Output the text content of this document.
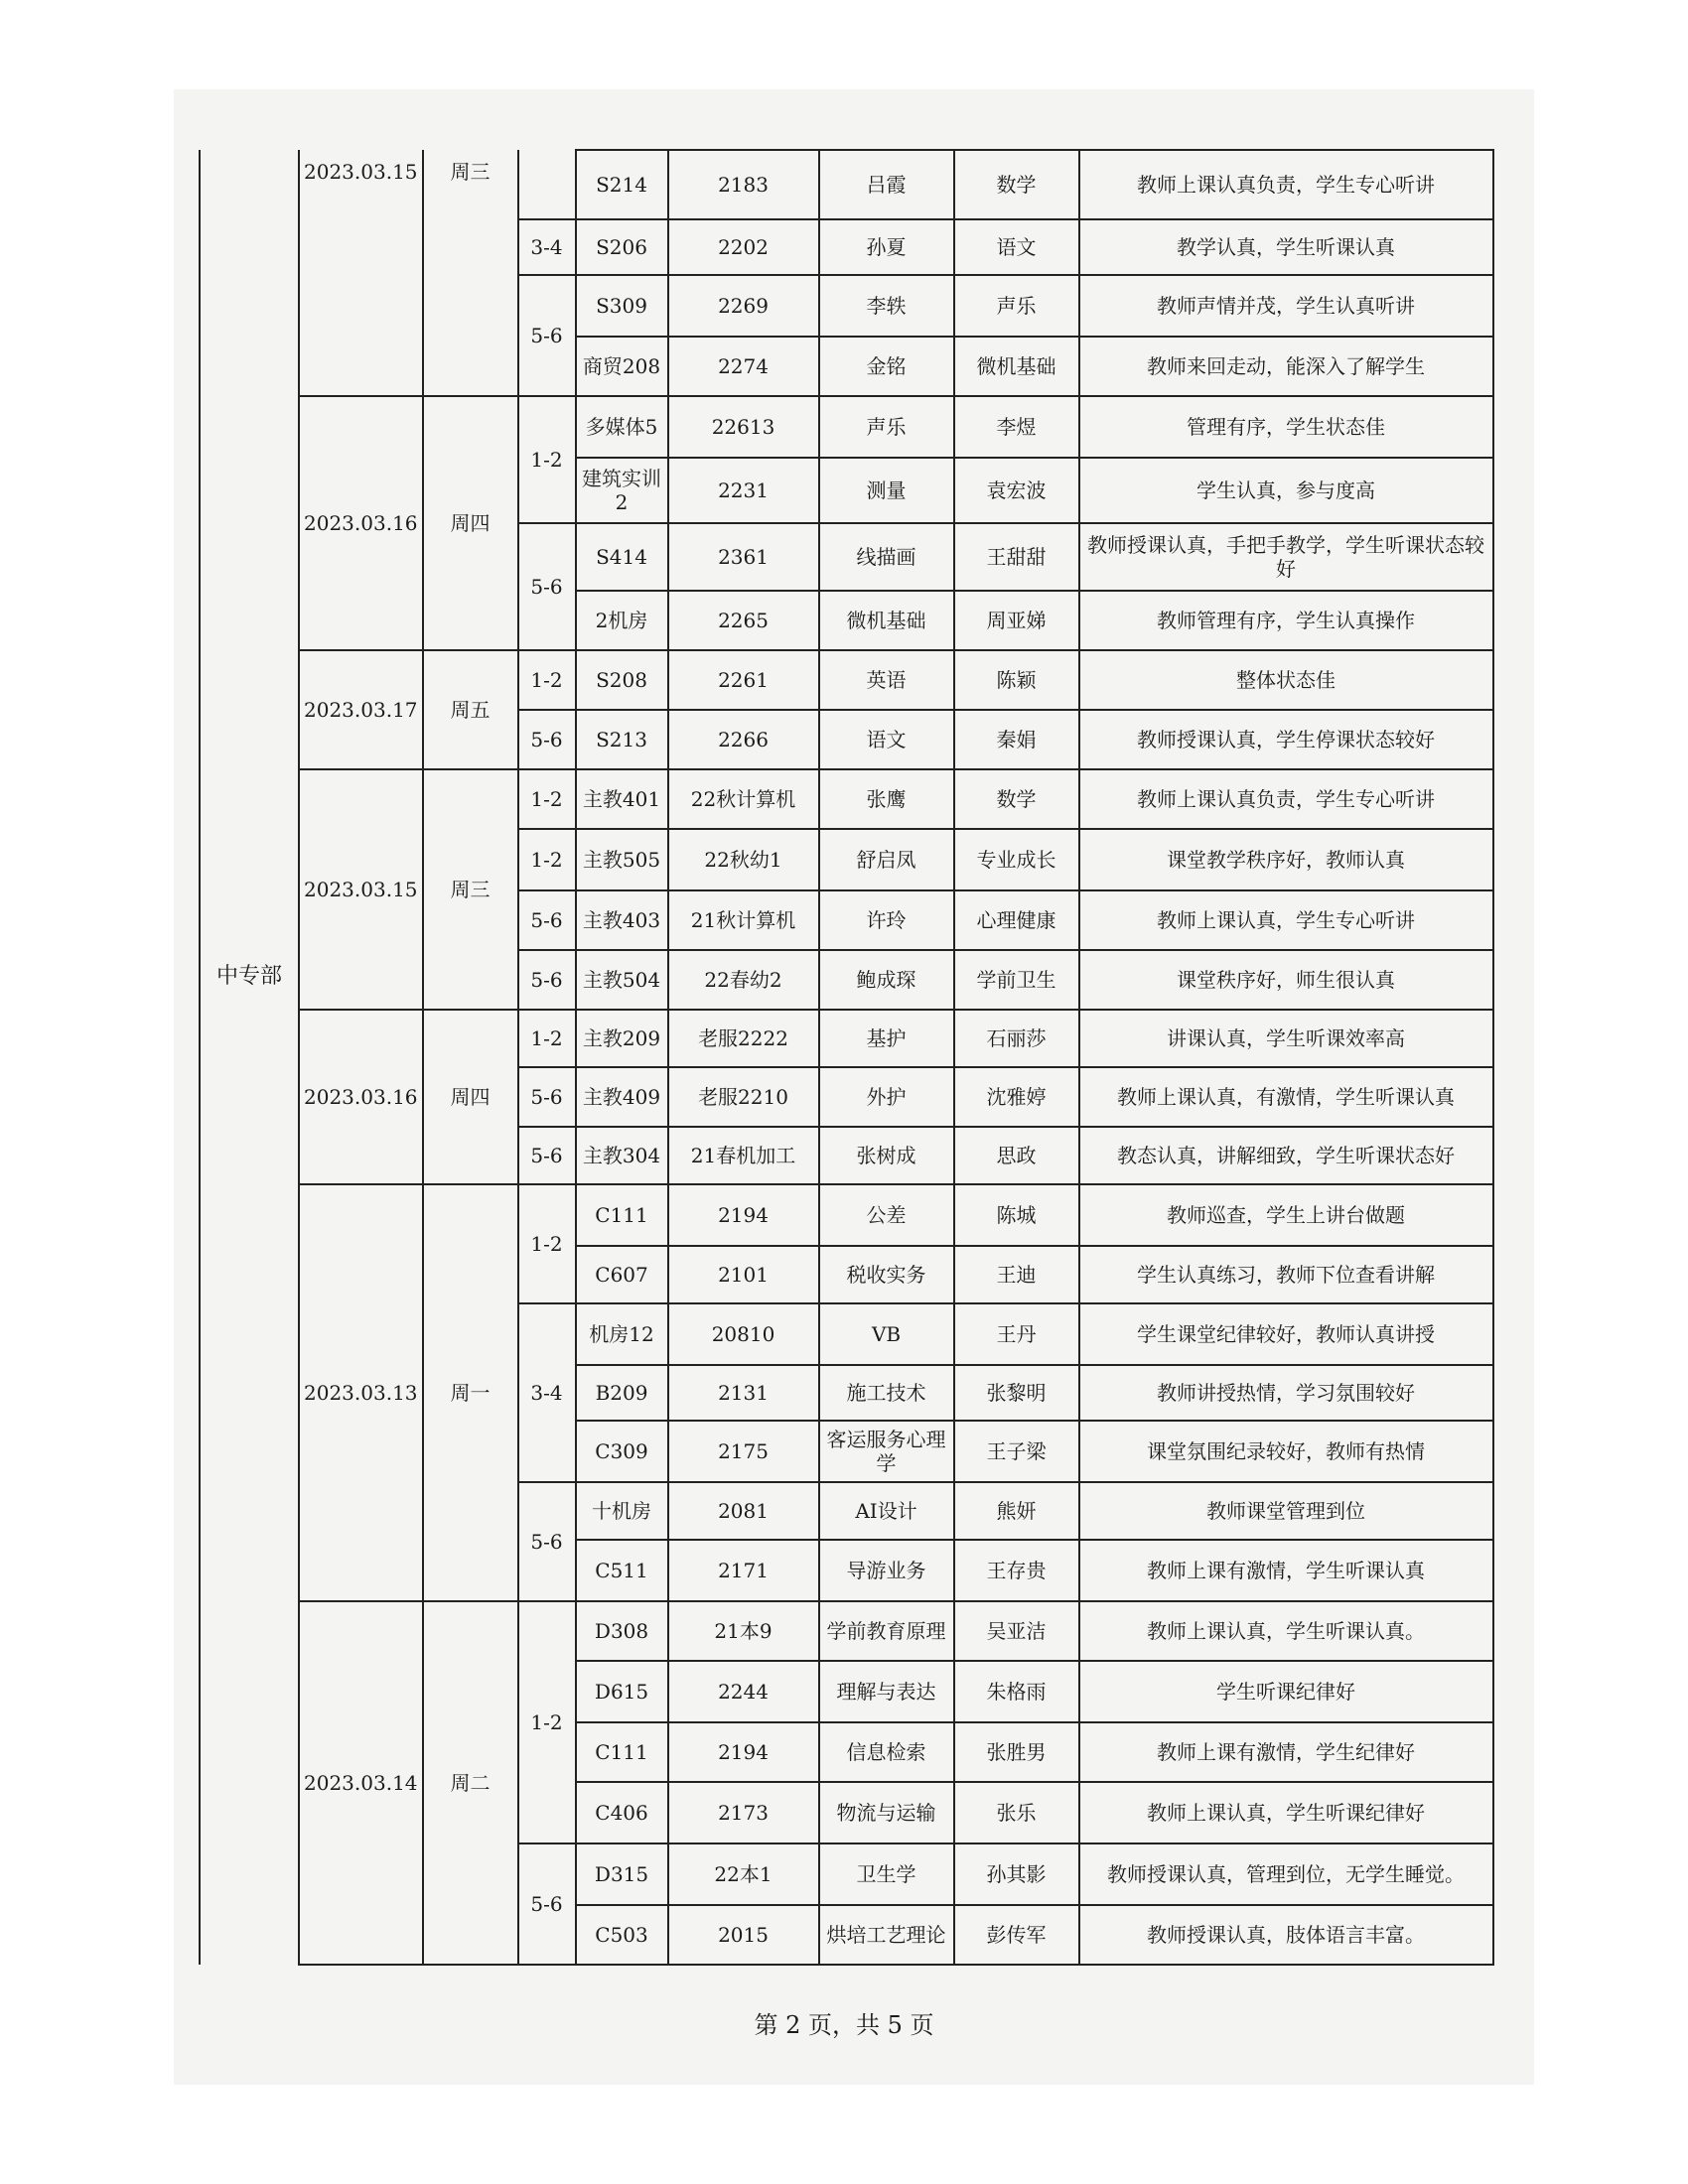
	2023.03.15	周三		S214	2183	吕霞	数学	教师上课认真负责，学生专心听讲
			3-4	S206	2202	孙夏	语文	教学认真，学生听课认真
			5-6	S309	2269	李轶	声乐	教师声情并茂，学生认真听讲
				商贸208	2274	金铭	微机基础	教师来回走动，能深入了解学生
	2023.03.16	周四	1-2	多媒体5	22613	声乐	李煜	管理有序，学生状态佳
				建筑实训2	2231	测量	袁宏波	学生认真，参与度高
			5-6	S414	2361	线描画	王甜甜	教师授课认真，手把手教学，学生听课状态较好
				2机房	2265	微机基础	周亚娣	教师管理有序，学生认真操作
	2023.03.17	周五	1-2	S208	2261	英语	陈颖	整体状态佳
			5-6	S213	2266	语文	秦娟	教师授课认真，学生停课状态较好
中专部	2023.03.15	周三	1-2	主教401	22秋计算机	张鹰	数学	教师上课认真负责，学生专心听讲
			1-2	主教505	22秋幼1	舒启凤	专业成长	课堂教学秩序好，教师认真
			5-6	主教403	21秋计算机	许玲	心理健康	教师上课认真，学生专心听讲
			5-6	主教504	22春幼2	鲍成琛	学前卫生	课堂秩序好，师生很认真
	2023.03.16	周四	1-2	主教209	老服2222	基护	石丽莎	讲课认真，学生听课效率高
			5-6	主教409	老服2210	外护	沈雅婷	教师上课认真，有激情，学生听课认真
			5-6	主教304	21春机加工	张树成	思政	教态认真，讲解细致，学生听课状态好
	2023.03.13	周一	1-2	C111	2194	公差	陈城	教师巡查，学生上讲台做题
				C607	2101	税收实务	王迪	学生认真练习，教师下位查看讲解
			3-4	机房12	20810	VB	王丹	学生课堂纪律较好，教师认真讲授
				B209	2131	施工技术	张黎明	教师讲授热情，学习氛围较好
				C309	2175	客运服务心理学	王子梁	课堂氛围纪录较好，教师有热情
			5-6	十机房	2081	AI设计	熊妍	教师课堂管理到位
				C511	2171	导游业务	王存贵	教师上课有激情，学生听课认真
	2023.03.14	周二	1-2	D308	21本9	学前教育原理	吴亚洁	教师上课认真，学生听课认真。
				D615	2244	理解与表达	朱格雨	学生听课纪律好
				C111	2194	信息检索	张胜男	教师上课有激情，学生纪律好
				C406	2173	物流与运输	张乐	教师上课认真，学生听课纪律好
			5-6	D315	22本1	卫生学	孙其影	教师授课认真，管理到位，无学生睡觉。
				C503	2015	烘培工艺理论	彭传军	教师授课认真，肢体语言丰富。
第 2 页，共 5 页
